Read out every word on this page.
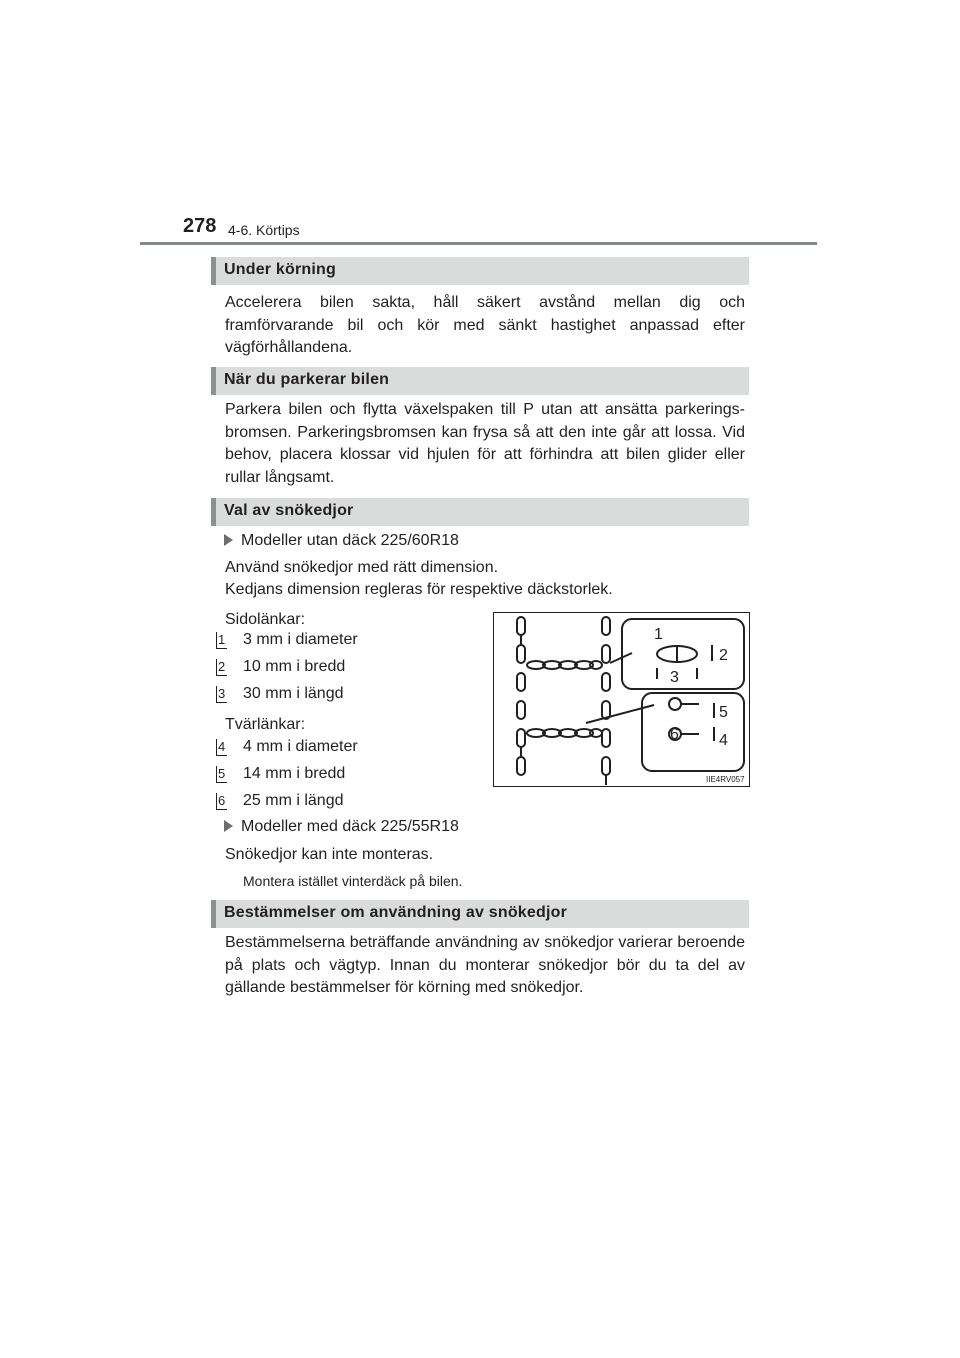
278 4-6. Körtips
Under körning
Accelerera bilen sakta, håll säkert avstånd mellan dig och framförvarande bil och kör med sänkt hastighet anpassad efter vägförhållandena.
När du parkerar bilen
Parkera bilen och flytta växelspaken till P utan att ansätta parkerings-bromsen. Parkeringsbromsen kan frysa så att den inte går att lossa. Vid behov, placera klossar vid hjulen för att förhindra att bilen glider eller rullar långsamt.
Val av snökedjor
Modeller utan däck 225/60R18
Använd snökedjor med rätt dimension.
Kedjans dimension regleras för respektive däckstorlek.
Sidolänkar:
1 3 mm i diameter
2 10 mm i bredd
3 30 mm i längd
Tvärlänkar:
4 4 mm i diameter
5 14 mm i bredd
6 25 mm i längd
Modeller med däck 225/55R18
Snökedjor kan inte monteras.
Montera istället vinterdäck på bilen.
1
2
3
4
5
6
IIE4RV057
Bestämmelser om användning av snökedjor
Bestämmelserna beträffande användning av snökedjor varierar beroende på plats och vägtyp. Innan du monterar snökedjor bör du ta del av gällande bestämmelser för körning med snökedjor.
